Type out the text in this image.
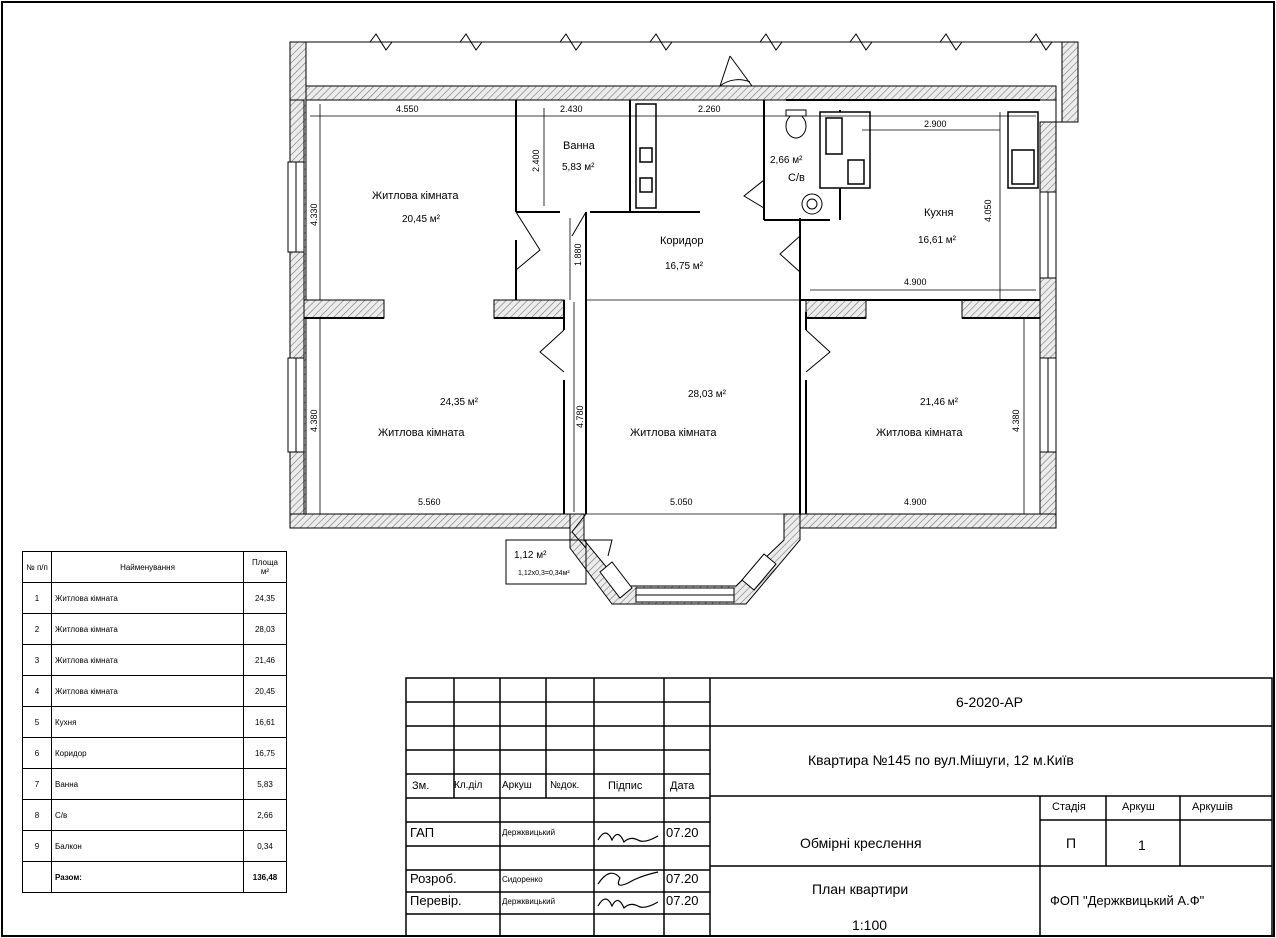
Житлова кімната
20,45 м²
Ванна
5,83 м²
2,66 м²
С/в
Коридор
16,75 м²
Кухня
16,61 м²
24,35 м²
Житлова кімната
28,03 м²
Житлова кімната
21,46 м²
Житлова кімната
1,12 м²
1,12х0,3=0,34м²
4.550	2.430	2.260
2.900
4.330
4.380
2.400
1.880
4.780
4.050
4.900
4.380
5.560	5.050	4.900
№ п/п	Найменування	Площа м²
1	Житлова кімната	24,35
2	Житлова кімната	28,03
3	Житлова кімната	21,46
4	Житлова кімната	20,45
5	Кухня	16,61
6	Коридор	16,75
7	Ванна	5,83
8	С/в	2,66
9	Балкон	0,34
	Разом:	136,48
6-2020-АР
Квартира №145 по вул.Мішуги, 12 м.Київ
Обмірні креслення
План квартири
1:100
ФОП "Держквицький А.Ф"
Стадія	Аркуш	Аркушів
П	1
Зм. Кл.діл Аркуш №док.	Підпис	Дата
ГАП	Держквицький	07.20
Розроб.	Сидоренко	07.20
Перевір.	Держквицький	07.20
